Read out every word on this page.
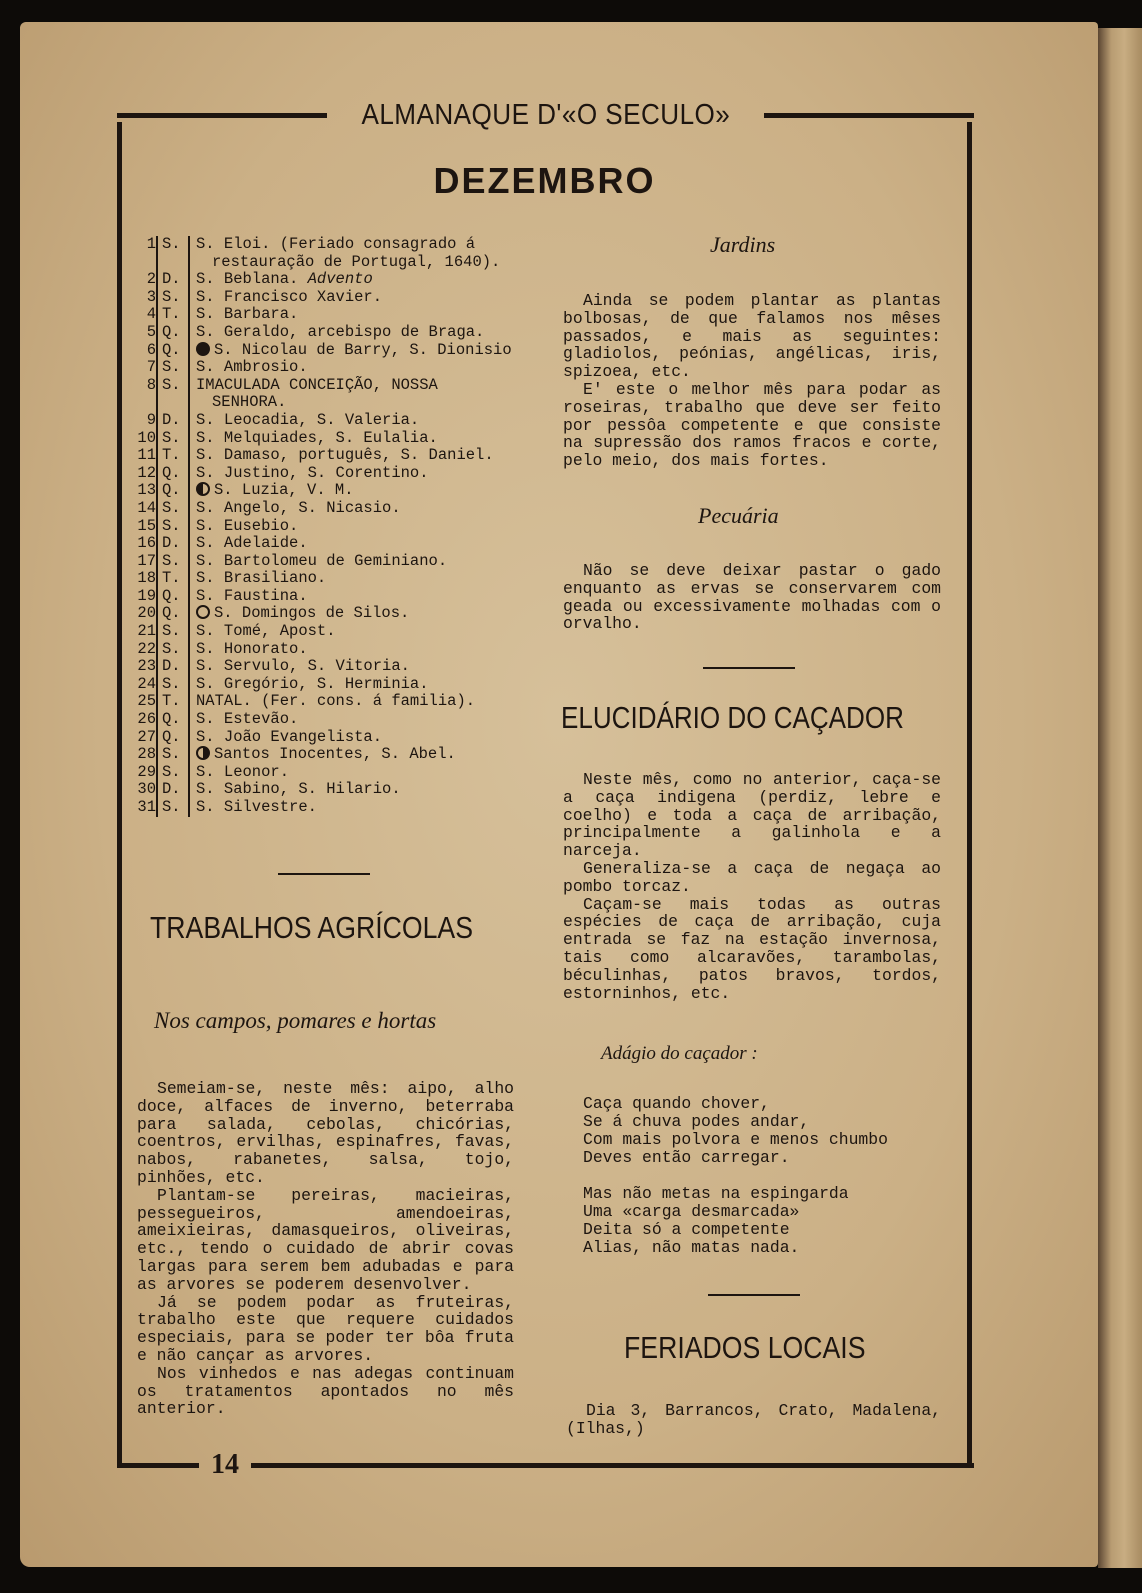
ALMANAQUE D'«O SECULO»
DEZEMBRO
1 S. S. Eloi. (Feriado consagrado á
restauração de Portugal, 1640).
2 D. S. Beblana. Advento
3 S. S. Francisco Xavier.
4 T. S. Barbara.
5 Q. S. Geraldo, arcebispo de Braga.
6 Q.	S. Nicolau de Barry, S. Dionisio
7 S. S. Ambrosio.
8 S. IMACULADA CONCEIÇÃO, NOSSA
SENHORA.
9 D. S. Leocadia, S. Valeria.
10 S. S. Melquiades, S. Eulalia.
11 T. S. Damaso, português, S. Daniel.
12 Q. S. Justino, S. Corentino.
13 Q.	S. Luzia, V. M.
14 S. S. Angelo, S. Nicasio.
15 S. S. Eusebio.
16 D. S. Adelaide.
17 S. S. Bartolomeu de Geminiano.
18 T. S. Brasiliano.
19 Q. S. Faustina.
20 Q.	S. Domingos de Silos.
21 S. S. Tomé, Apost.
22 S. S. Honorato.
23 D. S. Servulo, S. Vitoria.
24 S. S. Gregório, S. Herminia.
25 T. NATAL. (Fer. cons. á familia).
26 Q. S. Estevão.
27 Q. S. João Evangelista.
28 S.	Santos Inocentes, S. Abel.
29 S. S. Leonor.
30 D. S. Sabino, S. Hilario.
31 S. S. Silvestre.
TRABALHOS AGRÍCOLAS
Nos campos, pomares e hortas

Semeiam-se, neste mês: aipo, alho doce, alfaces de inverno, beterraba para salada, cebolas, chicórias, coentros, ervilhas, espinafres, favas, nabos, rabanetes, salsa, tojo, pinhões, etc.

Plantam-se pereiras, macieiras, pessegueiros, amendoeiras, ameixieiras, damasqueiros, oliveiras, etc., tendo o cuidado de abrir covas largas para serem bem adubadas e para as arvores se poderem desenvolver.

Já se podem podar as fruteiras, trabalho este que requere cuidados especiais, para se poder ter bôa fruta e não cançar as arvores.

Nos vinhedos e nas adegas continuam os tratamentos apontados no mês anterior.

Jardins

Ainda se podem plantar as plantas bolbosas, de que falamos nos mêses passados, e mais as seguintes: gladiolos, peónias, angélicas, iris, spizoea, etc.

E' este o melhor mês para podar as roseiras, trabalho que deve ser feito por pessôa competente e que consiste na supressão dos ramos fracos e corte, pelo meio, dos mais fortes.

Pecuária

Não se deve deixar pastar o gado enquanto as ervas se conservarem com geada ou excessivamente molhadas com o orvalho.

ELUCIDÁRIO DO CAÇADOR

Neste mês, como no anterior, caça-se a caça indigena (perdiz, lebre e coelho) e toda a caça de arribação, principalmente a galinhola e a narceja.

Generaliza-se a caça de negaça ao pombo torcaz.

Caçam-se mais todas as outras espécies de caça de arribação, cuja entrada se faz na estação invernosa, tais como alcaravões, tarambolas, béculinhas, patos bravos, tordos, estorninhos, etc.

Adágio do caçador :
Caça quando chover,
Se á chuva podes andar,
Com mais polvora e menos chumbo
Deves então carregar.

Mas não metas na espingarda
Uma «carga desmarcada»
Deita só a competente
Alias, não matas nada.
FERIADOS LOCAIS

Dia 3, Barrancos, Crato, Madalena, (Ilhas,)

14
